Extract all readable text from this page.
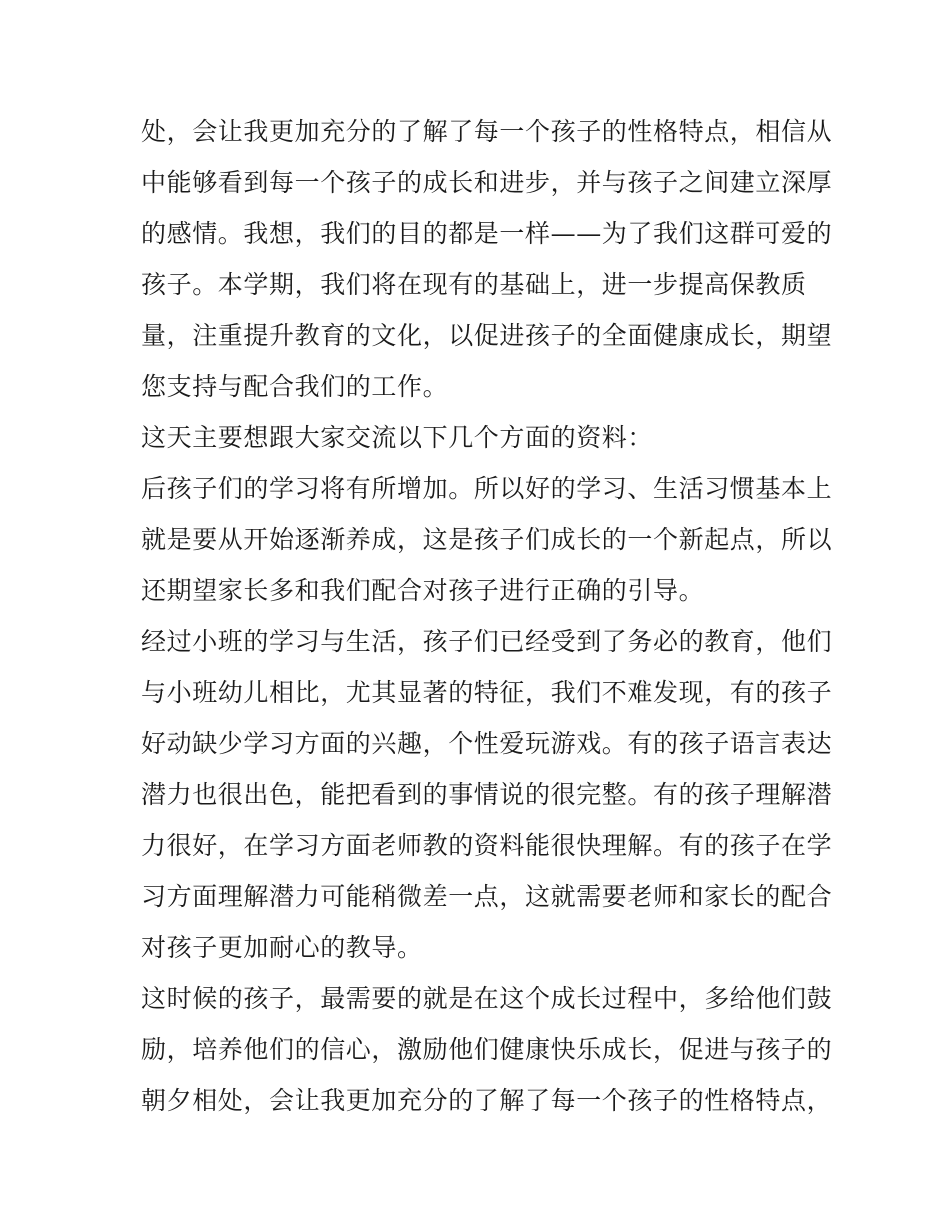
处，会让我更加充分的了解了每一个孩子的性格特点，相信从
中能够看到每一个孩子的成长和进步，并与孩子之间建立深厚
的感情。我想，我们的目的都是一样——为了我们这群可爱的
孩子。本学期，我们将在现有的基础上，进一步提高保教质
量，注重提升教育的文化，以促进孩子的全面健康成长，期望
您支持与配合我们的工作。
这天主要想跟大家交流以下几个方面的资料：
后孩子们的学习将有所增加。所以好的学习、生活习惯基本上
就是要从开始逐渐养成，这是孩子们成长的一个新起点，所以
还期望家长多和我们配合对孩子进行正确的引导。
经过小班的学习与生活，孩子们已经受到了务必的教育，他们
与小班幼儿相比，尤其显著的特征，我们不难发现，有的孩子
好动缺少学习方面的兴趣，个性爱玩游戏。有的孩子语言表达
潜力也很出色，能把看到的事情说的很完整。有的孩子理解潜
力很好，在学习方面老师教的资料能很快理解。有的孩子在学
习方面理解潜力可能稍微差一点，这就需要老师和家长的配合
对孩子更加耐心的教导。
这时候的孩子，最需要的就是在这个成长过程中，多给他们鼓
励，培养他们的信心，激励他们健康快乐成长，促进与孩子的
朝夕相处，会让我更加充分的了解了每一个孩子的性格特点，
